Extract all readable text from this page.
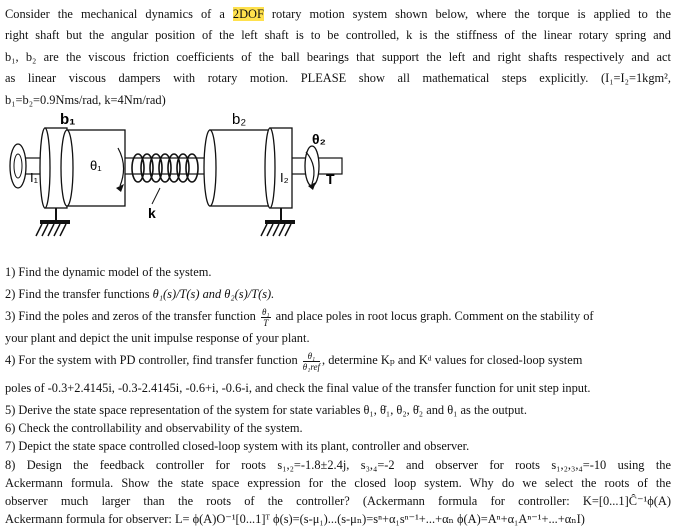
Consider the mechanical dynamics of a 2DOF rotary motion system shown below, where the torque is applied to the
right shaft but the angular position of the left shaft is to be controlled, k is the stiffness of the linear rotary spring and
b₁, b₂ are the viscous friction coefficients of the ball bearings that support the left and right shafts respectively and act
as linear viscous dampers with rotary motion. PLEASE show all mathematical steps explicitly. (I₁=I₂=1kgm²,
b₁=b₂=0.9Nms/rad, k=4Nm/rad)
b₁	b₂
θ₂
θ₁
I₁	I₂
k
T
1) Find the dynamic model of the system.
2) Find the transfer functions θ₁(s)/T(s) and θ₂(s)/T(s).
3) Find the poles and zeros of the transfer function $\frac{\text{θ₁}}{T}$ and place poles in root locus graph. Comment on the stability of
your plant and depict the unit impulse response of your plant.
4) For the system with PD controller, find transfer function $\frac{\text{θ₁}}{\text{θ₁ref}}$ , determine Kₚ and Kᵈ values for closed-loop system
poles of -0.3+2.4145i, -0.3-2.4145i, -0.6+i, -0.6-i, and check the final value of the transfer function for unit step input.
5) Derive the state space representation of the system for state variables θ₁, θ̇₁, θ₂, θ̇₂ and θ₁ as the output.
6) Check the controllability and observability of the system.
7) Depict the state space controlled closed-loop system with its plant, controller and observer.
8) Design the feedback controller for roots s₁,₂=-1.8±2.4j, s₃,₄=-2 and observer for roots s₁,₂,₃,₄=-10 using the
Ackermann formula. Show the state space expression for the closed loop system. Why do we select the roots of the
observer much larger than the roots of the controller? (Ackermann formula for controller: K=[0...1]Ĉ⁻¹ϕ(A)
Ackermann formula for observer: L= ϕ(A)O⁻¹[0...1]ᵀ ϕ(s)=(s-μ₁)...(s-μₙ)=sⁿ+α₁sⁿ⁻¹+...+αₙ ϕ(A)=Aⁿ+α₁Aⁿ⁻¹+...+αₙI)
